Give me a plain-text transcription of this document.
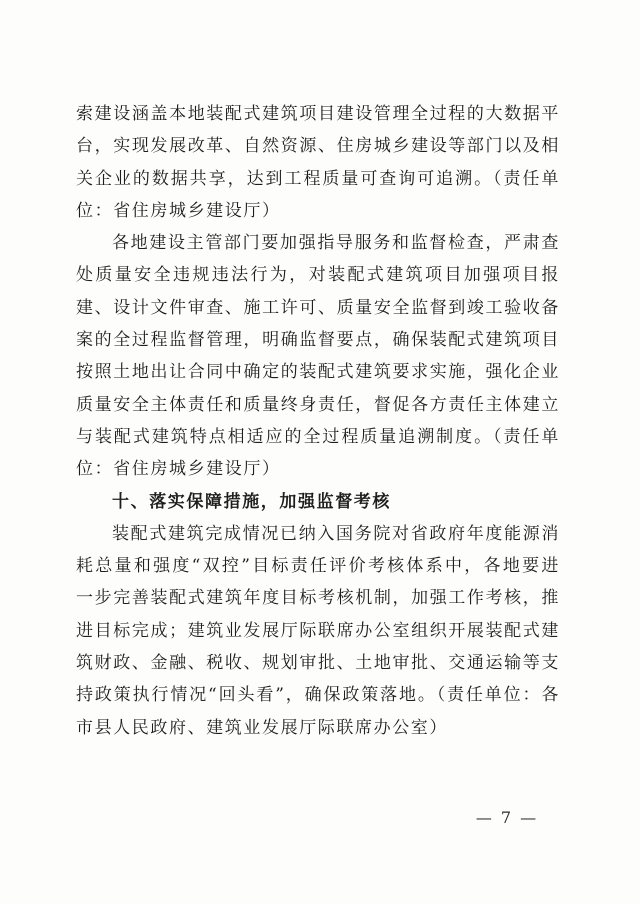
索建设涵盖本地装配式建筑项目建设管理全过程的大数据平台，实现发展改革、自然资源、住房城乡建设等部门以及相关企业的数据共享，达到工程质量可查询可追溯。（责任单位：省住房城乡建设厅）

各地建设主管部门要加强指导服务和监督检查，严肃查处质量安全违规违法行为，对装配式建筑项目加强项目报建、设计文件审查、施工许可、质量安全监督到竣工验收备案的全过程监督管理，明确监督要点，确保装配式建筑项目按照土地出让合同中确定的装配式建筑要求实施，强化企业质量安全主体责任和质量终身责任，督促各方责任主体建立与装配式建筑特点相适应的全过程质量追溯制度。（责任单位：省住房城乡建设厅）

十、落实保障措施，加强监督考核

装配式建筑完成情况已纳入国务院对省政府年度能源消耗总量和强度“双控”目标责任评价考核体系中，各地要进一步完善装配式建筑年度目标考核机制，加强工作考核，推进目标完成；建筑业发展厅际联席办公室组织开展装配式建筑财政、金融、税收、规划审批、土地审批、交通运输等支持政策执行情况“回头看”，确保政策落地。（责任单位：各市县人民政府、建筑业发展厅际联席办公室）

— 7 —
